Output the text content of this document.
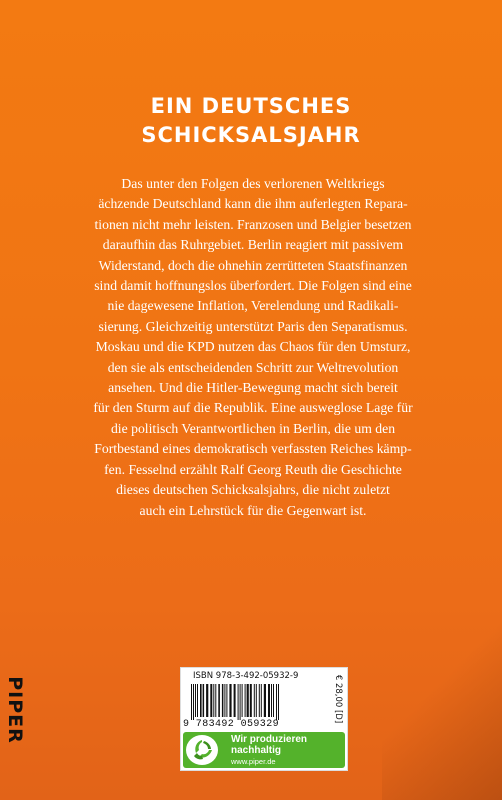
EIN DEUTSCHES
SCHICKSALSJAHR
Das unter den Folgen des verlorenen Weltkriegs
ächzende Deutschland kann die ihm auferlegten Repara-
tionen nicht mehr leisten. Franzosen und Belgier besetzen
daraufhin das Ruhrgebiet. Berlin reagiert mit passivem
Widerstand, doch die ohnehin zerrütteten Staatsfinanzen
sind damit hoffnungslos überfordert. Die Folgen sind eine
nie dagewesene Inflation, Verelendung und Radikali-
sierung. Gleichzeitig unterstützt Paris den Separatismus.
Moskau und die KPD nutzen das Chaos für den Umsturz,
den sie als entscheidenden Schritt zur Weltrevolution
ansehen. Und die Hitler-Bewegung macht sich bereit
für den Sturm auf die Republik. Eine ausweglose Lage für
die politisch Verantwortlichen in Berlin, die um den
Fortbestand eines demokratisch verfassten Reiches kämp-
fen. Fesselnd erzählt Ralf Georg Reuth die Geschichte
dieses deutschen Schicksalsjahrs, die nicht zuletzt
auch ein Lehrstück für die Gegenwart ist.
PIPER
ISBN 978-3-492-05932-9	€ 28,00 [D]
9 783492 059329
Wir produzieren
nachhaltig
www.piper.de
